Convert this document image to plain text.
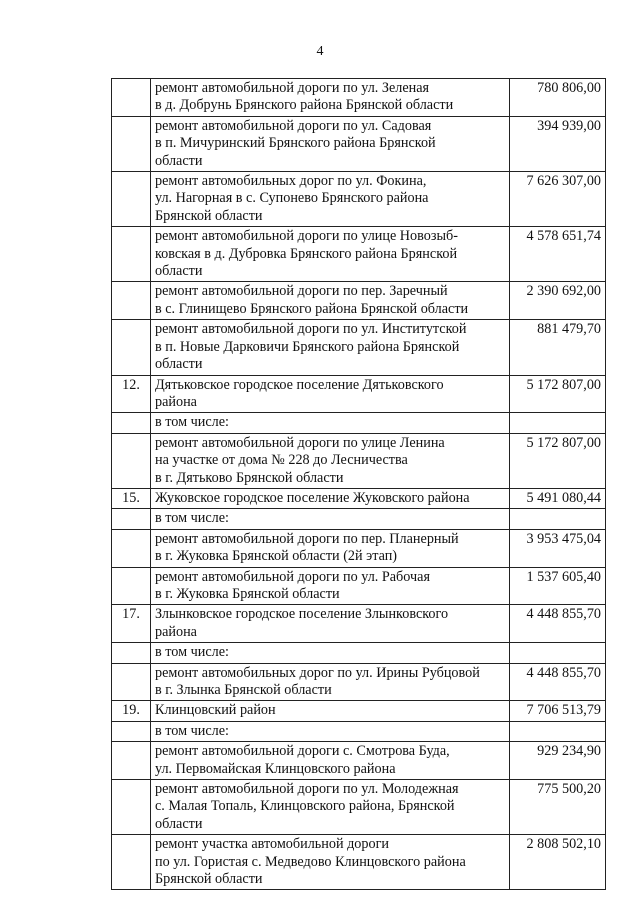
4

	ремонт автомобильной дороги по ул. Зеленая
в д. Добрунь Брянского района Брянской области	780 806,00

	ремонт автомобильной дороги по ул. Садовая
в п. Мичуринский Брянского района Брянской
области	394 939,00

	ремонт автомобильных дорог по ул. Фокина,
ул. Нагорная в с. Супонево Брянского района
Брянской области	7 626 307,00

	ремонт автомобильной дороги по улице Новозыб-
ковская в д. Дубровка Брянского района Брянской
области	4 578 651,74

	ремонт автомобильной дороги по пер. Заречный
в с. Глинищево Брянского района Брянской области	2 390 692,00

	ремонт автомобильной дороги по ул. Институтской
в п. Новые Дарковичи Брянского района Брянской
области	881 479,70
12.	Дятьковское городское поселение Дятьковского
района	5 172 807,00

	в том числе:	

	ремонт автомобильной дороги по улице Ленина
на участке от дома № 228 до Лесничества
в г. Дятьково Брянской области	5 172 807,00
15.	Жуковское городское поселение Жуковского района	5 491 080,44

	в том числе:	

	ремонт автомобильной дороги по пер. Планерный
в г. Жуковка Брянской области (2й этап)	3 953 475,04

	ремонт автомобильной дороги по ул. Рабочая
в г. Жуковка Брянской области	1 537 605,40
17.	Злынковское городское поселение Злынковского
района	4 448 855,70

	в том числе:	

	ремонт автомобильных дорог по ул. Ирины Рубцовой
в г. Злынка Брянской области	4 448 855,70
19.	Клинцовский район	7 706 513,79

	в том числе:	

	ремонт автомобильной дороги с. Смотрова Буда,
ул. Первомайская Клинцовского района	929 234,90

	ремонт автомобильной дороги по ул. Молодежная
с. Малая Топаль, Клинцовского района, Брянской
области	775 500,20

	ремонт участка автомобильной дороги
по ул. Гористая с. Медведово Клинцовского района
Брянской области	2 808 502,10
